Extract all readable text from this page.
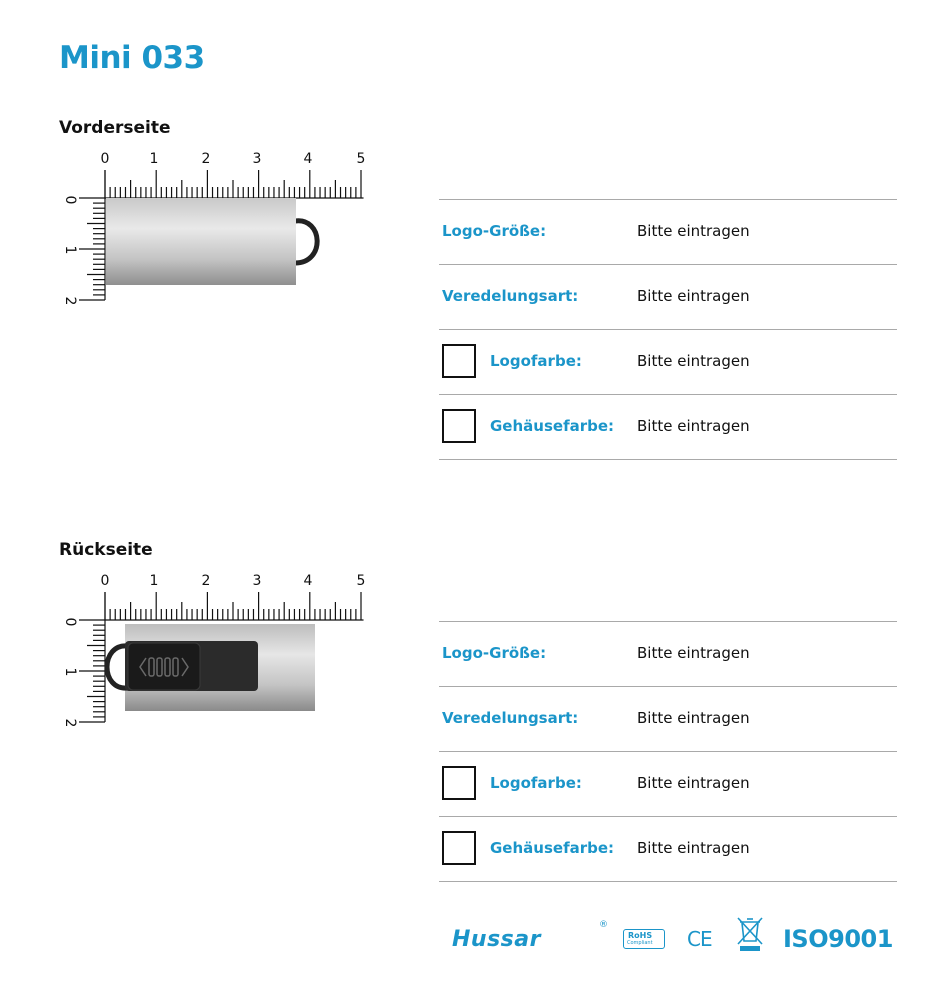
Mini 033
Vorderseite
0	1	2	3	4	5
0
1
2
Logo-Größe:	Bitte eintragen
Veredelungsart:	Bitte eintragen
Logofarbe:	Bitte eintragen
Gehäusefarbe: Bitte eintragen
Rückseite
0	1	2	3	4	5
0
1
2
Logo-Größe:	Bitte eintragen
Veredelungsart:	Bitte eintragen
Logofarbe:	Bitte eintragen
Gehäusefarbe: Bitte eintragen
Hussar
®
RoHS
Compliant CE	ISO9001
